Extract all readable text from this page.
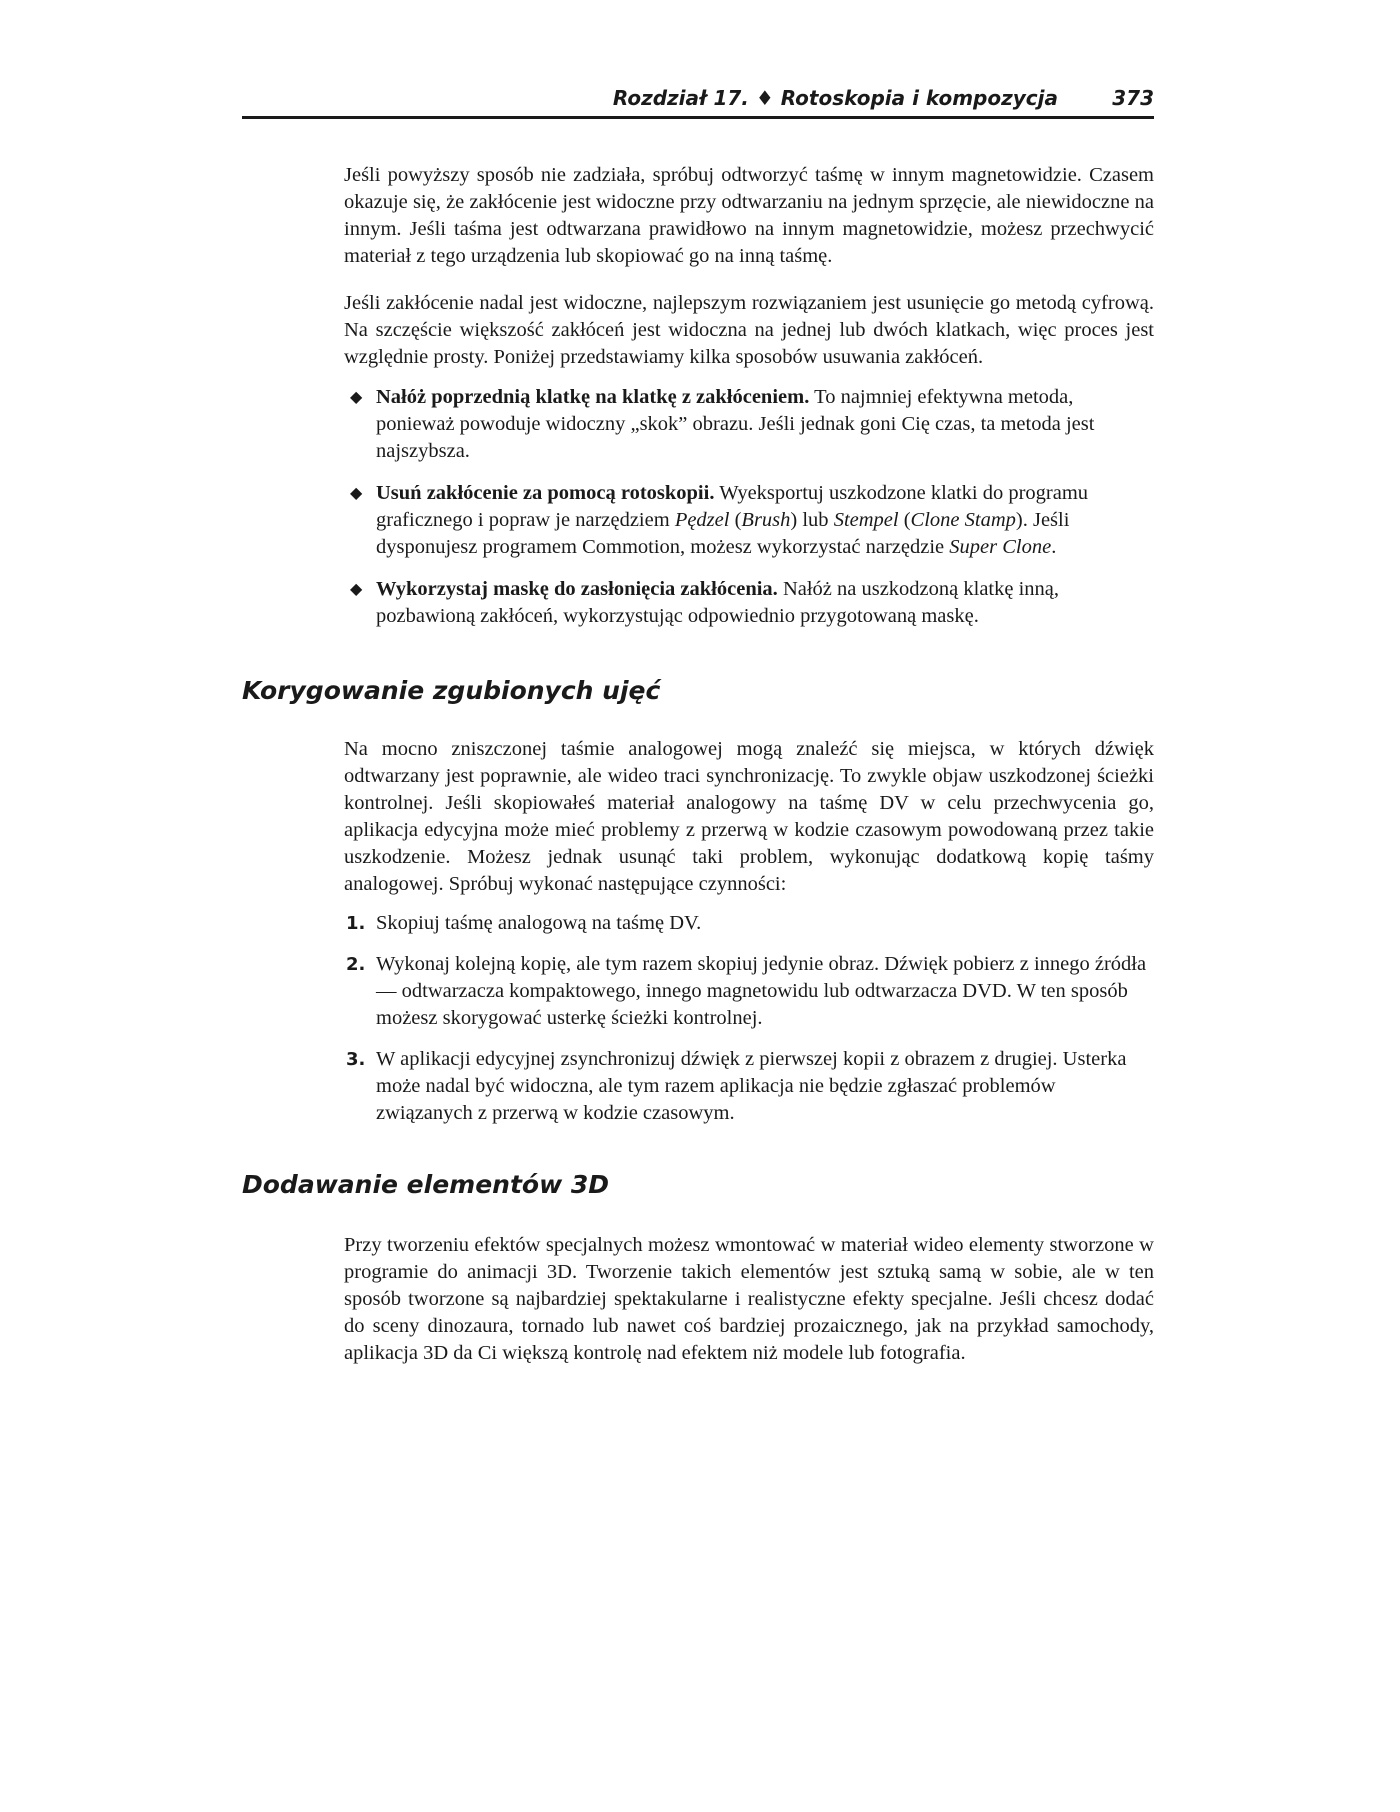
Rozdział 17. ♦ Rotoskopia i kompozycja	373

Jeśli powyższy sposób nie zadziała, spróbuj odtworzyć taśmę w innym magnetowidzie. Czasem okazuje się, że zakłócenie jest widoczne przy odtwarzaniu na jednym sprzęcie, ale niewidoczne na innym. Jeśli taśma jest odtwarzana prawidłowo na innym magnetowidzie, możesz przechwycić materiał z tego urządzenia lub skopiować go na inną taśmę.

Jeśli zakłócenie nadal jest widoczne, najlepszym rozwiązaniem jest usunięcie go metodą cyfrową. Na szczęście większość zakłóceń jest widoczna na jednej lub dwóch klatkach, więc proces jest względnie prosty. Poniżej przedstawiamy kilka sposobów usuwania zakłóceń.

◆ Nałóż poprzednią klatkę na klatkę z zakłóceniem. To najmniej efektywna metoda, ponieważ powoduje widoczny „skok” obrazu. Jeśli jednak goni Cię czas, ta metoda jest najszybsza.
◆ Usuń zakłócenie za pomocą rotoskopii. Wyeksportuj uszkodzone klatki do programu graficznego i popraw je narzędziem Pędzel (Brush) lub Stempel (Clone Stamp). Jeśli dysponujesz programem Commotion, możesz wykorzystać narzędzie Super Clone.
◆ Wykorzystaj maskę do zasłonięcia zakłócenia. Nałóż na uszkodzoną klatkę inną, pozbawioną zakłóceń, wykorzystując odpowiednio przygotowaną maskę.
Korygowanie zgubionych ujęć

Na mocno zniszczonej taśmie analogowej mogą znaleźć się miejsca, w których dźwięk odtwarzany jest poprawnie, ale wideo traci synchronizację. To zwykle objaw uszkodzonej ścieżki kontrolnej. Jeśli skopiowałeś materiał analogowy na taśmę DV w celu przechwycenia go, aplikacja edycyjna może mieć problemy z przerwą w kodzie czasowym powodowaną przez takie uszkodzenie. Możesz jednak usunąć taki problem, wykonując dodatkową kopię taśmy analogowej. Spróbuj wykonać następujące czynności:

1. Skopiuj taśmę analogową na taśmę DV.
2. Wykonaj kolejną kopię, ale tym razem skopiuj jedynie obraz. Dźwięk pobierz z innego źródła — odtwarzacza kompaktowego, innego magnetowidu lub odtwarzacza DVD. W ten sposób możesz skorygować usterkę ścieżki kontrolnej.
3. W aplikacji edycyjnej zsynchronizuj dźwięk z pierwszej kopii z obrazem z drugiej. Usterka może nadal być widoczna, ale tym razem aplikacja nie będzie zgłaszać problemów związanych z przerwą w kodzie czasowym.
Dodawanie elementów 3D

Przy tworzeniu efektów specjalnych możesz wmontować w materiał wideo elementy stworzone w programie do animacji 3D. Tworzenie takich elementów jest sztuką samą w sobie, ale w ten sposób tworzone są najbardziej spektakularne i realistyczne efekty specjalne. Jeśli chcesz dodać do sceny dinozaura, tornado lub nawet coś bardziej prozaicznego, jak na przykład samochody, aplikacja 3D da Ci większą kontrolę nad efektem niż modele lub fotografia.
